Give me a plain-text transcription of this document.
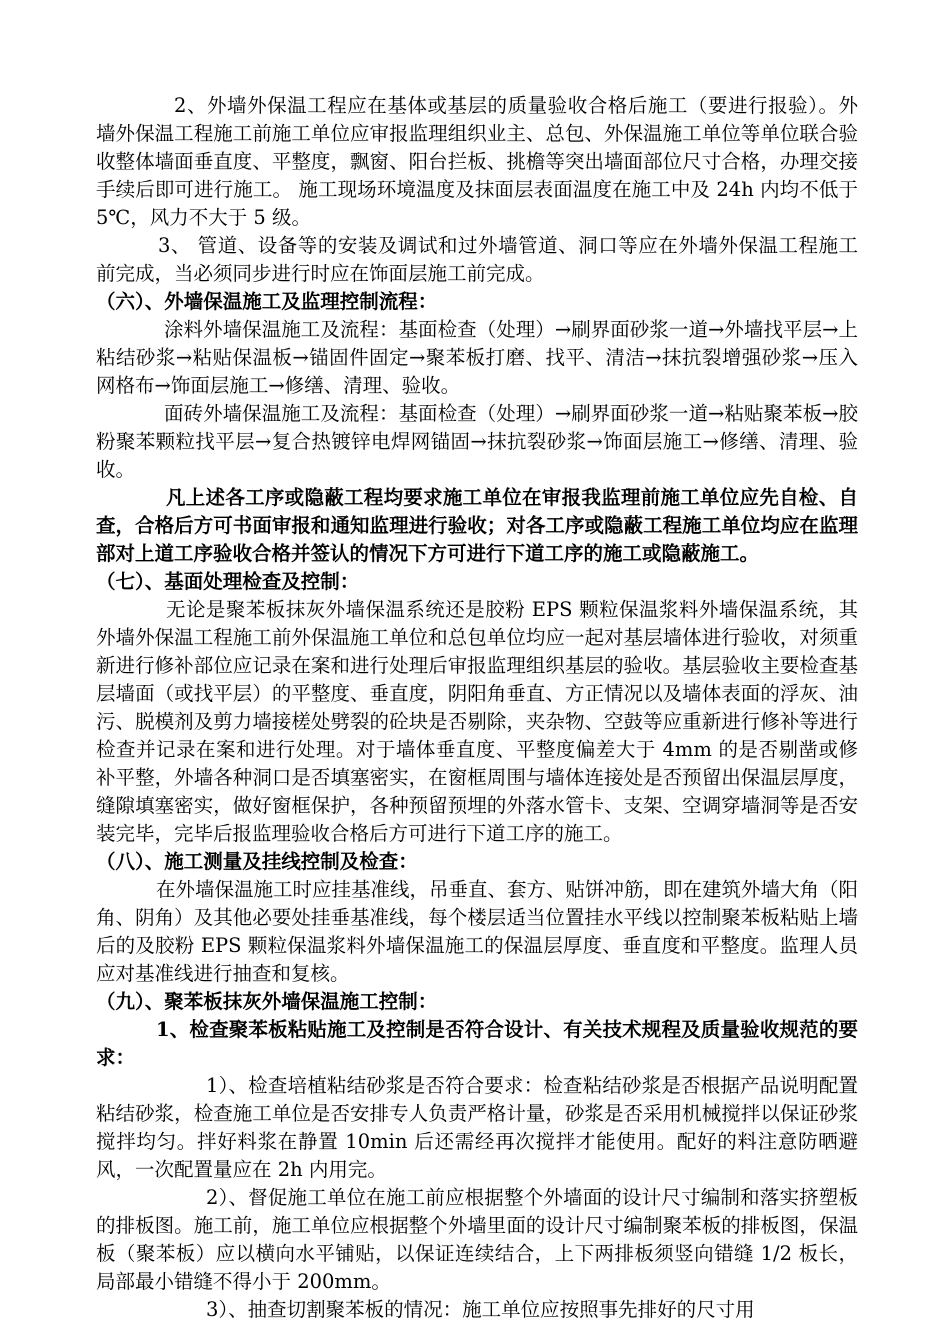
2、外墙外保温工程应在基体或基层的质量验收合格后施工（要进行报验）。外墙外保温工程施工前施工单位应审报监理组织业主、总包、外保温施工单位等单位联合验收整体墙面垂直度、平整度，飘窗、阳台拦板、挑檐等突出墙面部位尺寸合格，办理交接手续后即可进行施工。 施工现场环境温度及抹面层表面温度在施工中及 24h 内均不低于 5℃，风力不大于 5 级。

3、 管道、设备等的安装及调试和过外墙管道、洞口等应在外墙外保温工程施工前完成，当必须同步进行时应在饰面层施工前完成。

（六）、外墙保温施工及监理控制流程：

涂料外墙保温施工及流程：基面检查（处理）→刷界面砂浆一道→外墙找平层→上粘结砂浆→粘贴保温板→锚固件固定→聚苯板打磨、找平、清洁→抹抗裂增强砂浆→压入网格布→饰面层施工→修缮、清理、验收。

面砖外墙保温施工及流程：基面检查（处理）→刷界面砂浆一道→粘贴聚苯板→胶粉聚苯颗粒找平层→复合热镀锌电焊网锚固→抹抗裂砂浆→饰面层施工→修缮、清理、验收。

凡上述各工序或隐蔽工程均要求施工单位在审报我监理前施工单位应先自检、自查，合格后方可书面审报和通知监理进行验收；对各工序或隐蔽工程施工单位均应在监理部对上道工序验收合格并签认的情况下方可进行下道工序的施工或隐蔽施工。

（七）、基面处理检查及控制：

无论是聚苯板抹灰外墙保温系统还是胶粉 EPS 颗粒保温浆料外墙保温系统，其外墙外保温工程施工前外保温施工单位和总包单位均应一起对基层墙体进行验收，对须重新进行修补部位应记录在案和进行处理后审报监理组织基层的验收。基层验收主要检查基层墙面（或找平层）的平整度、垂直度，阴阳角垂直、方正情况以及墙体表面的浮灰、油污、脱模剂及剪力墙接槎处劈裂的砼块是否剔除，夹杂物、空鼓等应重新进行修补等进行检查并记录在案和进行处理。对于墙体垂直度、平整度偏差大于 4mm 的是否剔凿或修补平整，外墙各种洞口是否填塞密实，在窗框周围与墙体连接处是否预留出保温层厚度，缝隙填塞密实，做好窗框保护，各种预留预埋的外落水管卡、支架、空调穿墙洞等是否安装完毕，完毕后报监理验收合格后方可进行下道工序的施工。

（八）、施工测量及挂线控制及检查：

在外墙保温施工时应挂基准线，吊垂直、套方、贴饼冲筋，即在建筑外墙大角（阳角、阴角）及其他必要处挂垂基准线，每个楼层适当位置挂水平线以控制聚苯板粘贴上墙后的及胶粉 EPS 颗粒保温浆料外墙保温施工的保温层厚度、垂直度和平整度。监理人员应对基准线进行抽查和复核。

（九）、聚苯板抹灰外墙保温施工控制：

1、检查聚苯板粘贴施工及控制是否符合设计、有关技术规程及质量验收规范的要求：

1）、检查培植粘结砂浆是否符合要求：检查粘结砂浆是否根据产品说明配置粘结砂浆，检查施工单位是否安排专人负责严格计量，砂浆是否采用机械搅拌以保证砂浆搅拌均匀。拌好料浆在静置 10min 后还需经再次搅拌才能使用。配好的料注意防晒避风，一次配置量应在 2h 内用完。

2）、督促施工单位在施工前应根据整个外墙面的设计尺寸编制和落实挤塑板的排板图。施工前，施工单位应根据整个外墙里面的设计尺寸编制聚苯板的排板图，保温板（聚苯板）应以横向水平铺贴，以保证连续结合，上下两排板须竖向错缝 1/2 板长，局部最小错缝不得小于 200mm。

3）、抽查切割聚苯板的情况：施工单位应按照事先排好的尺寸用
